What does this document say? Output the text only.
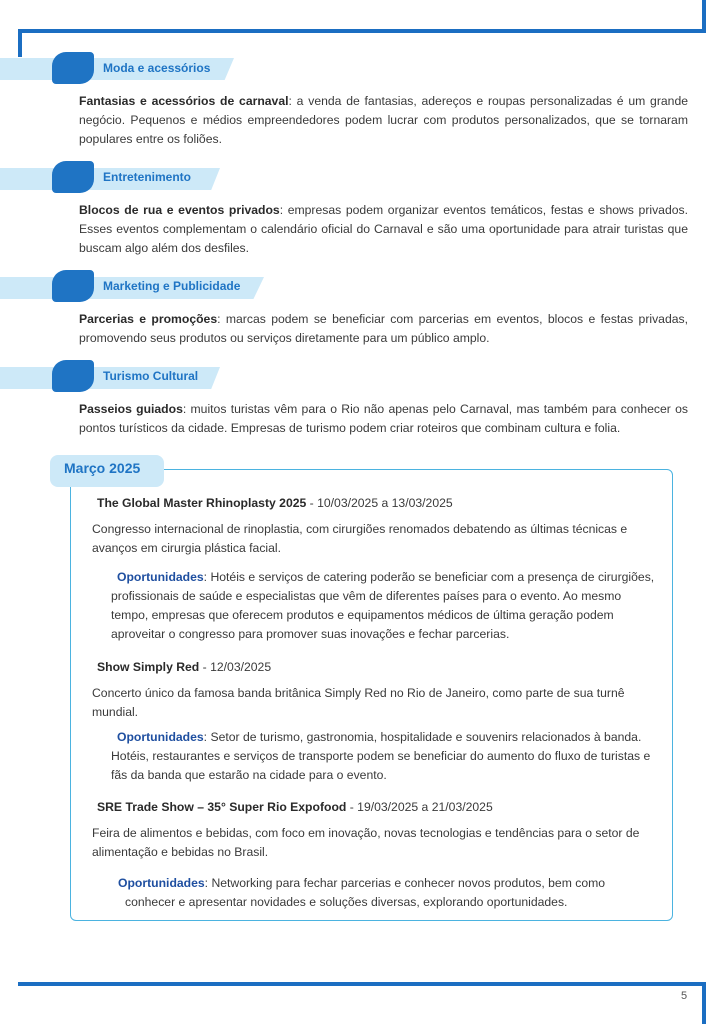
Moda e acessórios

Fantasias e acessórios de carnaval: a venda de fantasias, adereços e roupas personalizadas é um grande negócio. Pequenos e médios empreendedores podem lucrar com produtos personalizados, que se tornaram populares entre os foliões.

Entretenimento

Blocos de rua e eventos privados: empresas podem organizar eventos temáticos, festas e shows privados. Esses eventos complementam o calendário oficial do Carnaval e são uma oportunidade para atrair turistas que buscam algo além dos desfiles.

Marketing e Publicidade

Parcerias e promoções: marcas podem se beneficiar com parcerias em eventos, blocos e festas privadas, promovendo seus produtos ou serviços diretamente para um público amplo.

Turismo Cultural

Passeios guiados: muitos turistas vêm para o Rio não apenas pelo Carnaval, mas também para conhecer os pontos turísticos da cidade. Empresas de turismo podem criar roteiros que combinam cultura e folia.

Março 2025
The Global Master Rhinoplasty 2025 - 10/03/2025 a 13/03/2025

Congresso internacional de rinoplastia, com cirurgiões renomados debatendo as últimas técnicas e avanços em cirurgia plástica facial.

Oportunidades: Hotéis e serviços de catering poderão se beneficiar com a presença de cirurgiões, profissionais de saúde e especialistas que vêm de diferentes países para o evento. Ao mesmo tempo, empresas que oferecem produtos e equipamentos médicos de última geração podem aproveitar o congresso para promover suas inovações e fechar parcerias.

Show Simply Red - 12/03/2025

Concerto único da famosa banda britânica Simply Red no Rio de Janeiro, como parte de sua turnê mundial.

Oportunidades: Setor de turismo, gastronomia, hospitalidade e souvenirs relacionados à banda. Hotéis, restaurantes e serviços de transporte podem se beneficiar do aumento do fluxo de turistas e fãs da banda que estarão na cidade para o evento.

SRE Trade Show – 35° Super Rio Expofood - 19/03/2025 a 21/03/2025

Feira de alimentos e bebidas, com foco em inovação, novas tecnologias e tendências para o setor de alimentação e bebidas no Brasil.

Oportunidades: Networking para fechar parcerias e conhecer novos produtos, bem como conhecer e apresentar novidades e soluções diversas, explorando oportunidades.

5
